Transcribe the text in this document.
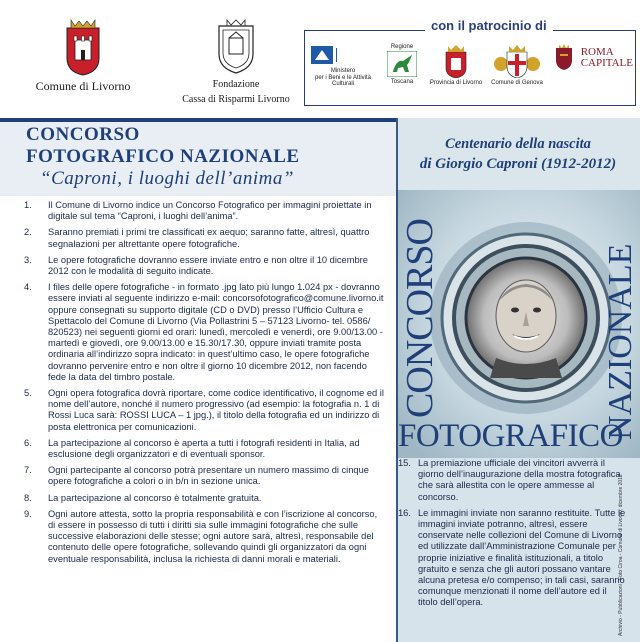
Comune di Livorno	Fondazione
Cassa di Risparmi Livorno
con il patrocinio di
Ministero
per i Beni e le Attività Culturali
Regione
Toscana	Provincia di Livorno	Comune di Genova
ROMA
CAPITALE
CONCORSO
FOTOGRAFICO NAZIONALE
“Caproni, i luoghi dell’anima”
Centenario della nascita
di Giorgio Caproni (1912-2012)
CONCORSO	NAZIONALE
FOTOGRAFICO
Archivio - Pubblicazioni - Foto Ciroa - Comune di Livorno, dicembre 2012
1.	Il Comune di Livorno indice un Concorso Fotografico per immagini proiettate in digitale sul tema “Caproni, i luoghi dell’anima”.
2.	Saranno premiati i primi tre classificati ex aequo; saranno fatte, altresì, quattro segnalazioni per altrettante opere fotografiche.
3.	Le opere fotografiche dovranno essere inviate entro e non oltre il 10 dicembre 2012 con le modalità di seguito indicate.
4.	I files delle opere fotografiche - in formato .jpg lato più lungo 1.024 px - dovranno essere inviati al seguente indirizzo e-mail: concorsofotografico@comune.livorno.it oppure consegnati su supporto digitale (CD o DVD) presso l’Ufficio Cultura e Spettacolo del Comune di Livorno (Via Pollastrini 5 – 57123 Livorno- tel. 0586/ 820523) nei seguenti giorni ed orari: lunedì, mercoledì e venerdì, ore 9.00/13.00 - martedì e giovedì, ore 9.00/13.00 e 15.30/17.30, oppure inviati tramite posta ordinaria all’indirizzo sopra indicato: in quest’ultimo caso, le opere fotografiche dovranno pervenire entro e non oltre il giorno 10 dicembre 2012, non facendo fede la data del timbro postale.
5.	Ogni opera fotografica dovrà riportare, come codice identificativo, il cognome ed il nome dell’autore, nonché il numero progressivo (ad esempio: la fotografia n. 1 di Rossi Luca sarà: ROSSI LUCA – 1 jpg.), il titolo della fotografia ed un indirizzo di posta elettronica per comunicazioni.
6.	La partecipazione al concorso è aperta a tutti i fotografi residenti in Italia, ad esclusione degli organizzatori e di eventuali sponsor.
7.	Ogni partecipante al concorso potrà presentare un numero massimo di cinque opere fotografiche a colori o in b/n in sezione unica.
8.	La partecipazione al concorso è totalmente gratuita.
9.	Ogni autore attesta, sotto la propria responsabilità e con l’iscrizione al concorso, di essere in possesso di tutti i diritti sia sulle immagini fotografiche che sulle successive elaborazioni delle stesse; ogni autore sarà, altresì, responsabile del contenuto delle opere fotografiche, sollevando quindi gli organizzatori da ogni eventuale responsabilità, inclusa la richiesta di danni morali e materiali.
15. La premiazione ufficiale dei vincitori avverrà il giorno dell’inaugurazione della mostra fotografica che sarà allestita con le opere ammesse al concorso.
16. Le immagini inviate non saranno restituite. Tutte le immagini inviate potranno, altresì, essere conservate nelle collezioni del Comune di Livorno ed utilizzate dall’Amministrazione Comunale per proprie iniziative e finalità istituzionali, a titolo gratuito e senza che gli autori possano vantare alcuna pretesa e/o compenso; in tali casi, saranno comunque menzionati il nome dell’autore ed il titolo dell’opera.
